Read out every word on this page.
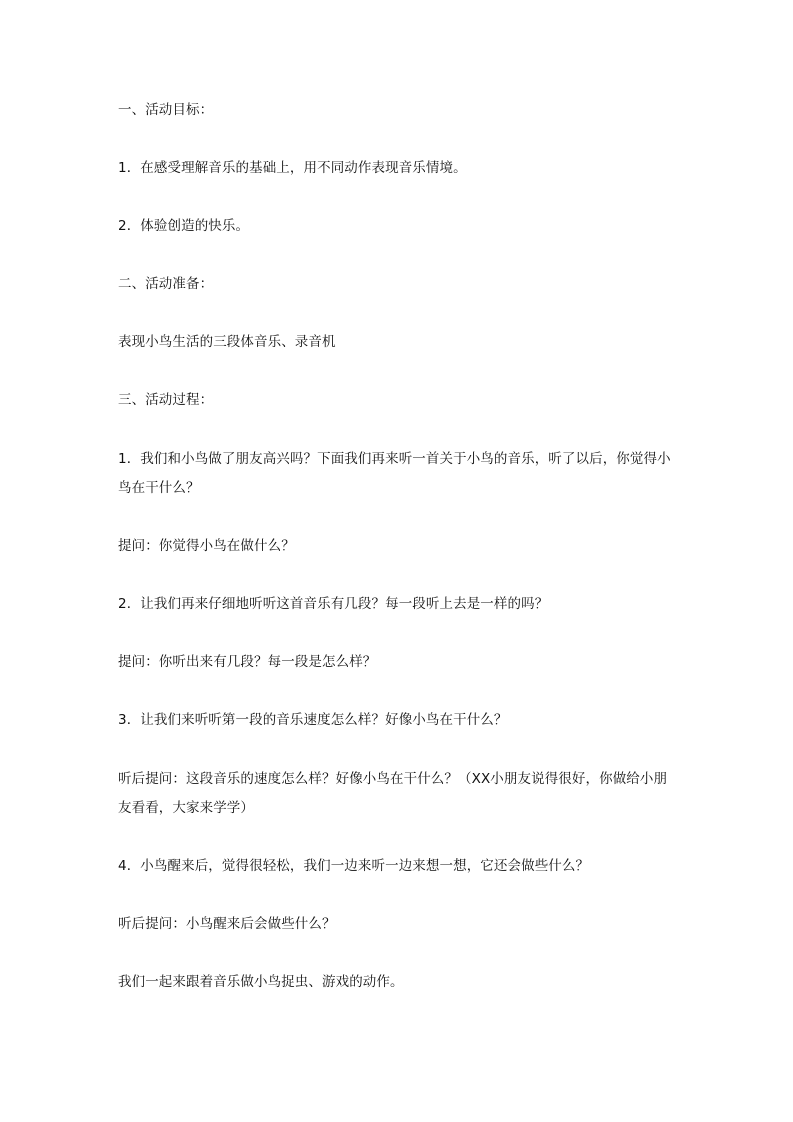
一、活动目标：
1．在感受理解音乐的基础上，用不同动作表现音乐情境。
2．体验创造的快乐。
二、活动准备：
表现小鸟生活的三段体音乐、录音机
三、活动过程：
1．我们和小鸟做了朋友高兴吗？下面我们再来听一首关于小鸟的音乐，听了以后，你觉得小鸟在干什么？
提问：你觉得小鸟在做什么？
2．让我们再来仔细地听听这首音乐有几段？每一段听上去是一样的吗？
提问：你听出来有几段？每一段是怎么样？
3．让我们来听听第一段的音乐速度怎么样？好像小鸟在干什么？
听后提问：这段音乐的速度怎么样？好像小鸟在干什么？（XX小朋友说得很好，你做给小朋友看看，大家来学学）
4．小鸟醒来后，觉得很轻松，我们一边来听一边来想一想，它还会做些什么？
听后提问：小鸟醒来后会做些什么？
我们一起来跟着音乐做小鸟捉虫、游戏的动作。
